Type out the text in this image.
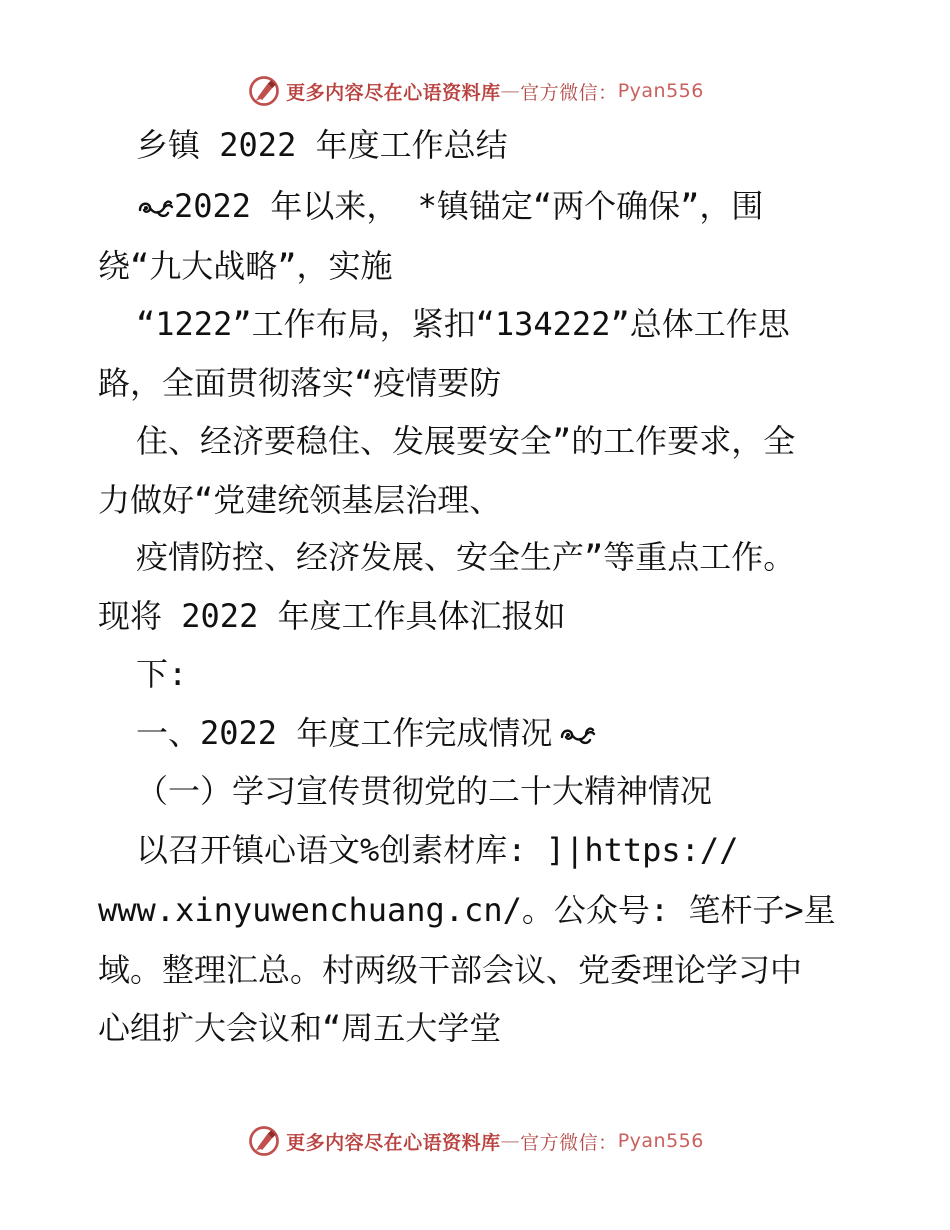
更多内容尽在心语资料库 — 官方微信： Pyan556
乡镇 2022 年度工作总结
2022 年以来， *镇锚定“两个确保”，围
绕“九大战略”，实施
“1222”工作布局，紧扣“134222”总体工作思
路，全面贯彻落实“疫情要防
住、经济要稳住、发展要安全”的工作要求，全
力做好“党建统领基层治理、
疫情防控、经济发展、安全生产”等重点工作。
现将 2022 年度工作具体汇报如
下:
一、2022 年度工作完成情况
（一）学习宣传贯彻党的二十大精神情况
以召开镇心语文%创素材库: ]|https://
www.xinyuwenchuang.cn/。公众号: 笔杆子>星
域。整理汇总。村两级干部会议、党委理论学习中
心组扩大会议和“周五大学堂
更多内容尽在心语资料库 — 官方微信： Pyan556
